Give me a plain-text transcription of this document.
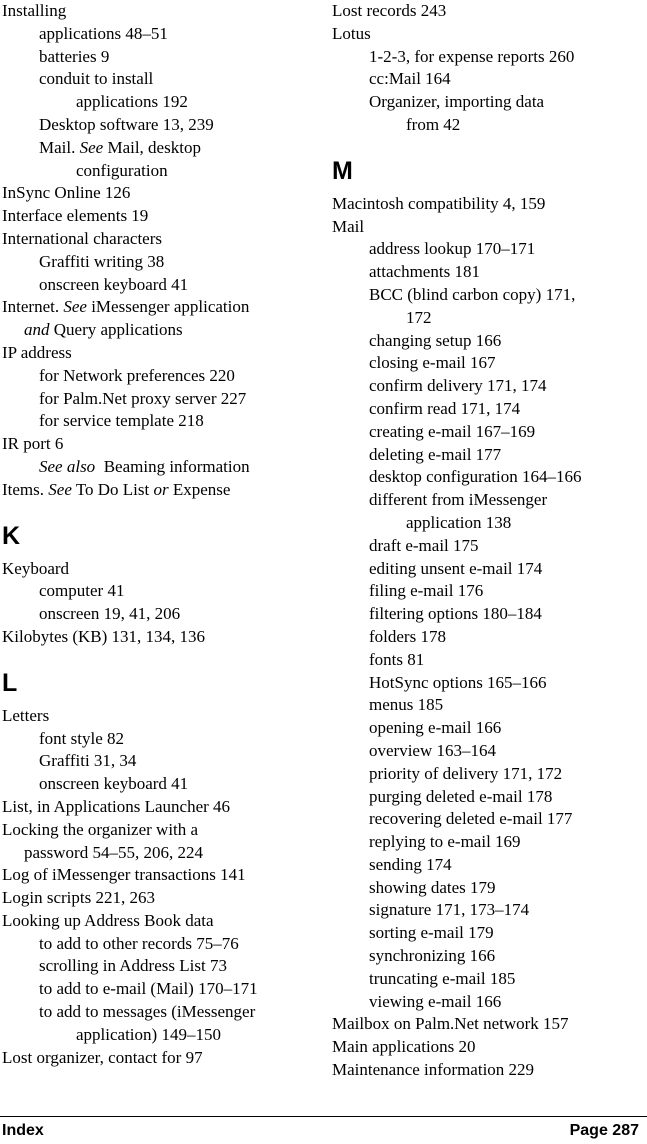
Installing
applications 48–51
batteries 9
conduit to install
applications 192
Desktop software 13, 239
Mail. See Mail, desktop
configuration
InSync Online 126
Interface elements 19
International characters
Graffiti writing 38
onscreen keyboard 41
Internet. See iMessenger application
and Query applications
IP address
for Network preferences 220
for Palm.Net proxy server 227
for service template 218
IR port 6
See also  Beaming information
Items. See To Do List or Expense
K
Keyboard
computer 41
onscreen 19, 41, 206
Kilobytes (KB) 131, 134, 136
L
Letters
font style 82
Graffiti 31, 34
onscreen keyboard 41
List, in Applications Launcher 46
Locking the organizer with a
password 54–55, 206, 224
Log of iMessenger transactions 141
Login scripts 221, 263
Looking up Address Book data
to add to other records 75–76
scrolling in Address List 73
to add to e-mail (Mail) 170–171
to add to messages (iMessenger
application) 149–150
Lost organizer, contact for 97
Lost records 243
Lotus
1-2-3, for expense reports 260
cc:Mail 164
Organizer, importing data
from 42
M
Macintosh compatibility 4, 159
Mail
address lookup 170–171
attachments 181
BCC (blind carbon copy) 171,
172
changing setup 166
closing e-mail 167
confirm delivery 171, 174
confirm read 171, 174
creating e-mail 167–169
deleting e-mail 177
desktop configuration 164–166
different from iMessenger
application 138
draft e-mail 175
editing unsent e-mail 174
filing e-mail 176
filtering options 180–184
folders 178
fonts 81
HotSync options 165–166
menus 185
opening e-mail 166
overview 163–164
priority of delivery 171, 172
purging deleted e-mail 178
recovering deleted e-mail 177
replying to e-mail 169
sending 174
showing dates 179
signature 171, 173–174
sorting e-mail 179
synchronizing 166
truncating e-mail 185
viewing e-mail 166
Mailbox on Palm.Net network 157
Main applications 20
Maintenance information 229
Index	Page 287
